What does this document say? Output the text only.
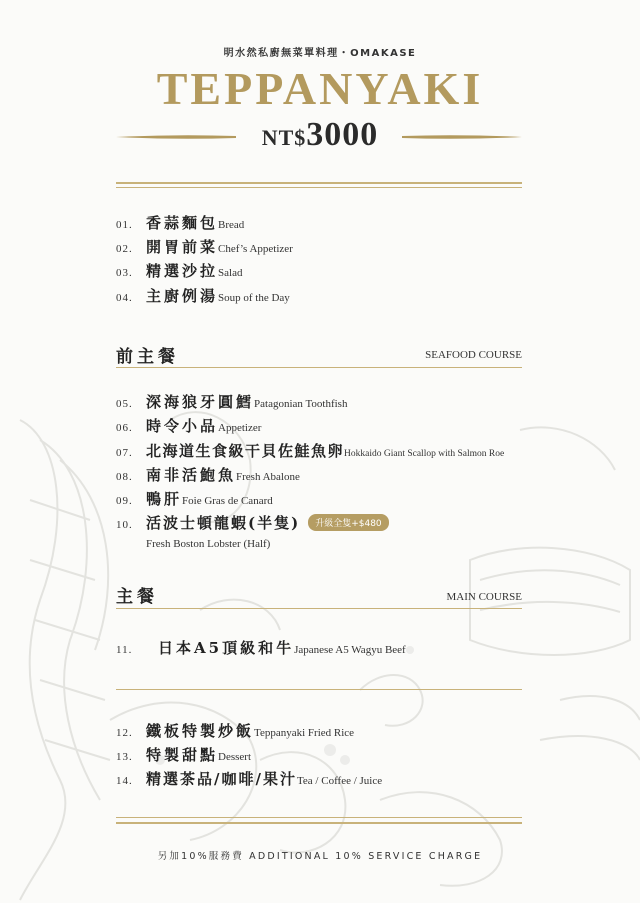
明水然私廚無菜單料理・OMAKASE
TEPPANYAKI
NT$3000
01. 香蒜麵包Bread
02. 開胃前菜Chef’s Appetizer
03. 精選沙拉Salad
04. 主廚例湯Soup of the Day
前主餐	SEAFOOD COURSE
05. 深海狼牙圓鱈Patagonian Toothfish
06. 時令小品Appetizer
07. 北海道生食級干貝佐鮭魚卵Hokkaido Giant Scallop with Salmon Roe
08. 南非活鮑魚Fresh Abalone
09. 鴨肝Foie Gras de Canard
10. 活波士頓龍蝦(半隻) 升級全隻+$480
Fresh Boston Lobster (Half)
主餐	MAIN COURSE
11. 日本A5頂級和牛Japanese A5 Wagyu Beef
12. 鐵板特製炒飯Teppanyaki Fried Rice
13. 特製甜點Dessert
14. 精選茶品/咖啡/果汁Tea / Coffee / Juice
另加10%服務費 ADDITIONAL 10% SERVICE CHARGE
